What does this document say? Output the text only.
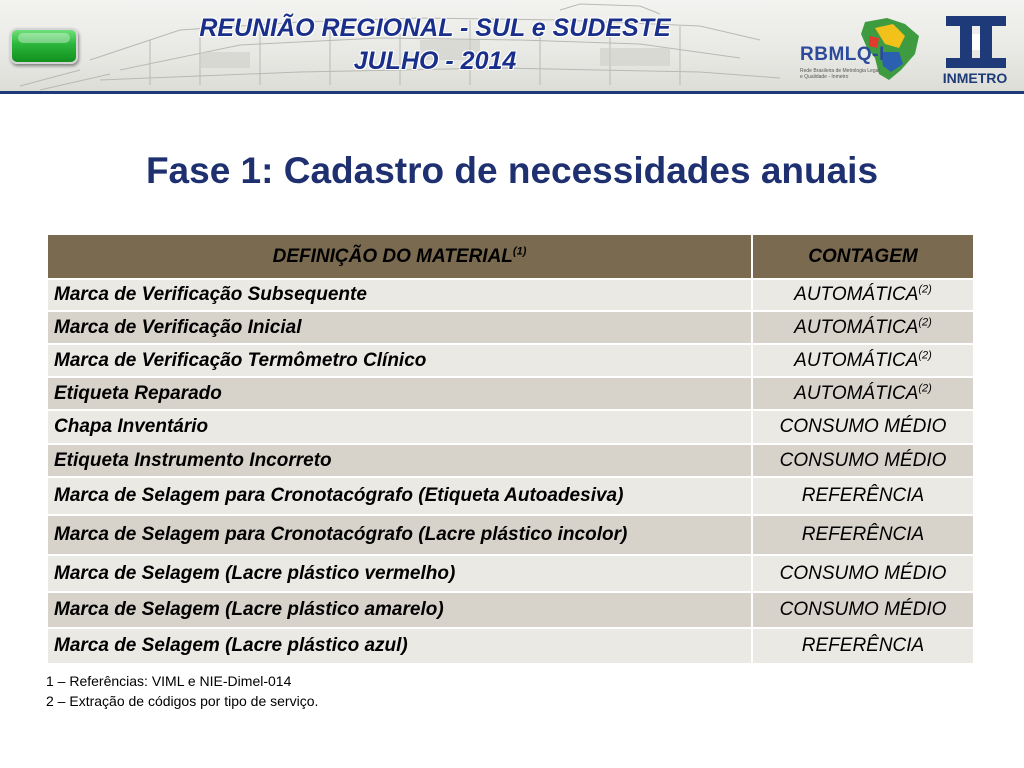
REUNIÃO REGIONAL - SUL e SUDESTE
JULHO - 2014	RBMLQ-I
Rede Brasileira de Metrologia Legal e Qualidade - Inmetro	INMETRO
Fase 1: Cadastro de necessidades anuais
DEFINIÇÃO DO MATERIAL$^{(1)}$	CONTAGEM
Marca de Verificação Subsequente	AUTOMÁTICA$^{(2)}$
Marca de Verificação Inicial	AUTOMÁTICA$^{(2)}$
Marca de Verificação Termômetro Clínico	AUTOMÁTICA$^{(2)}$
Etiqueta Reparado	AUTOMÁTICA$^{(2)}$
Chapa Inventário	CONSUMO MÉDIO
Etiqueta Instrumento Incorreto	CONSUMO MÉDIO
Marca de Selagem para Cronotacógrafo (Etiqueta Autoadesiva)	REFERÊNCIA
Marca de Selagem para Cronotacógrafo (Lacre plástico incolor)	REFERÊNCIA
Marca de Selagem (Lacre plástico vermelho)	CONSUMO MÉDIO
Marca de Selagem (Lacre plástico amarelo)	CONSUMO MÉDIO
Marca de Selagem (Lacre plástico azul)	REFERÊNCIA
1 – Referências: VIML e NIE-Dimel-014
2 – Extração de códigos por tipo de serviço.
